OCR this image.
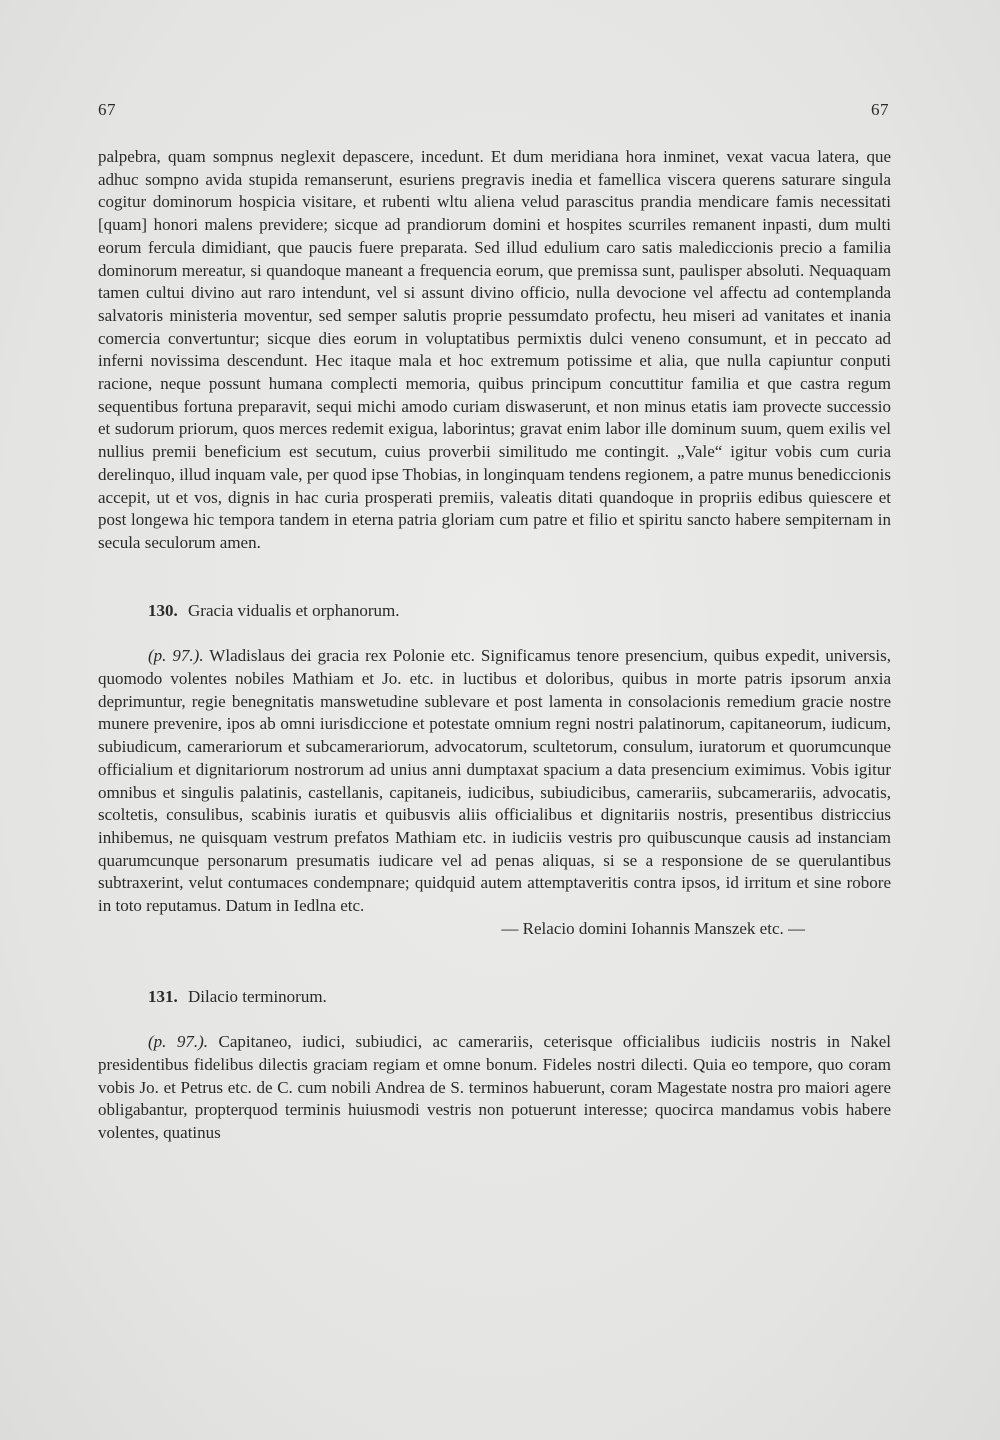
67	67

palpebra, quam sompnus neglexit depascere, incedunt. Et dum meridiana hora inminet, vexat vacua latera, que adhuc sompno avida stupida remanserunt, esuriens pregravis inedia et famellica viscera querens saturare singula cogitur dominorum hospicia visitare, et rubenti wltu aliena velud parascitus prandia mendicare famis necessitati [quam] honori malens previdere; sicque ad prandiorum domini et hospites scurriles remanent inpasti, dum multi eorum fercula dimidiant, que paucis fuere preparata. Sed illud edulium caro satis malediccionis precio a familia dominorum mereatur, si quandoque maneant a frequencia eorum, que premissa sunt, paulisper absoluti. Nequaquam tamen cultui divino aut raro intendunt, vel si assunt divino officio, nulla devocione vel affectu ad contemplanda salvatoris ministeria moventur, sed semper salutis proprie pessumdato profectu, heu miseri ad vanitates et inania comercia convertuntur; sicque dies eorum in voluptatibus permixtis dulci veneno consumunt, et in peccato ad inferni novissima descendunt. Hec itaque mala et hoc extremum potissime et alia, que nulla capiuntur conputi racione, neque possunt humana complecti memoria, quibus principum concuttitur familia et que castra regum sequentibus fortuna preparavit, sequi michi amodo curiam diswaserunt, et non minus etatis iam provecte successio et sudorum priorum, quos merces redemit exigua, laborintus; gravat enim labor ille dominum suum, quem exilis vel nullius premii beneficium est secutum, cuius proverbii similitudo me contingit. „Vale“ igitur vobis cum curia derelinquo, illud inquam vale, per quod ipse Thobias, in longinquam tendens regionem, a patre munus benediccionis accepit, ut et vos, dignis in hac curia prosperati premiis, valeatis ditati quandoque in propriis edibus quiescere et post longewa hic tempora tandem in eterna patria gloriam cum patre et filio et spiritu sancto habere sempiternam in secula seculorum amen.

130. Gracia vidualis et orphanorum.

(p. 97.). Wladislaus dei gracia rex Polonie etc. Significamus tenore presencium, quibus expedit, universis, quomodo volentes nobiles Mathiam et Jo. etc. in luctibus et doloribus, quibus in morte patris ipsorum anxia deprimuntur, regie benegnitatis manswetudine sublevare et post lamenta in consolacionis remedium gracie nostre munere prevenire, ipos ab omni iurisdiccione et potestate omnium regni nostri palatinorum, capitaneorum, iudicum, subiudicum, camerariorum et subcamerariorum, advocatorum, scultetorum, consulum, iuratorum et quorumcunque officialium et dignitariorum nostrorum ad unius anni dumptaxat spacium a data presencium eximimus. Vobis igitur omnibus et singulis palatinis, castellanis, capitaneis, iudicibus, subiudicibus, camerariis, subcamerariis, advocatis, scoltetis, consulibus, scabinis iuratis et quibusvis aliis officialibus et dignitariis nostris, presentibus districcius inhibemus, ne quisquam vestrum prefatos Mathiam etc. in iudiciis vestris pro quibuscunque causis ad instanciam quarumcunque personarum presumatis iudicare vel ad penas aliquas, si se a responsione de se querulantibus subtraxerint, velut contumaces condempnare; quidquid autem attemptaveritis contra ipsos, id irritum et sine robore in toto reputamus. Datum in Iedlna etc.

— Relacio domini Iohannis Manszek etc. —

131. Dilacio terminorum.

(p. 97.). Capitaneo, iudici, subiudici, ac camerariis, ceterisque officialibus iudiciis nostris in Nakel presidentibus fidelibus dilectis graciam regiam et omne bonum. Fideles nostri dilecti. Quia eo tempore, quo coram vobis Jo. et Petrus etc. de C. cum nobili Andrea de S. terminos habuerunt, coram Magestate nostra pro maiori agere obligabantur, propterquod terminis huiusmodi vestris non potuerunt interesse; quocirca mandamus vobis habere volentes, quatinus
